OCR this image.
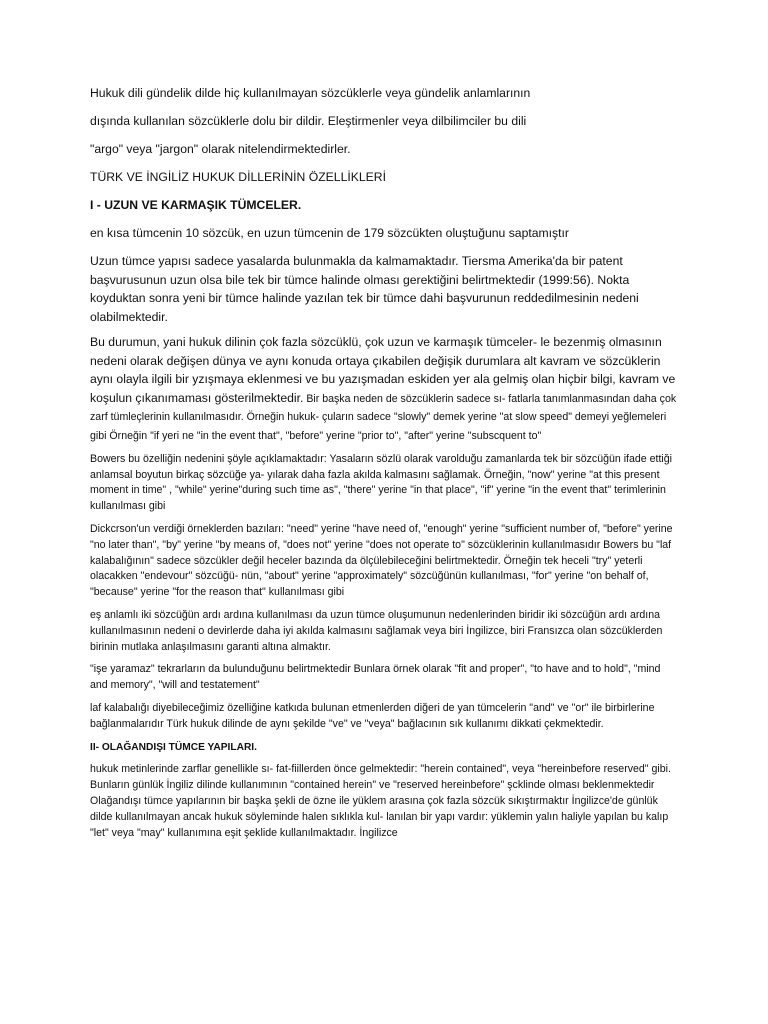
Hukuk dili gündelik dilde hiç kullanılmayan sözcüklerle veya gündelik anlamlarının

dışında kullanılan sözcüklerle dolu bir dildir. Eleştirmenler veya dilbilimciler bu dili

"argo" veya "jargon" olarak nitelendirmektedirler.

TÜRK VE İNGİLİZ HUKUK DİLLERİNİN ÖZELLİKLERİ

I - UZUN VE KARMAŞIK TÜMCELER.

en kısa tümcenin 10 sözcük, en uzun tümcenin de 179 sözcükten oluştuğunu saptamıştır

Uzun tümce yapısı sadece yasalarda bulunmakla da kalmamaktadır. Tiersma Amerika'da bir patent başvurusunun uzun olsa bile tek bir tümce halinde olması gerektiğini belirtmektedir (1999:56). Nokta koyduktan sonra yeni bir tümce halinde yazılan tek bir tümce dahi başvurunun reddedilmesinin nedeni olabilmektedir.

Bu durumun, yani hukuk dilinin çok fazla sözcüklü, çok uzun ve karmaşık tümceler- le bezenmiş olmasının nedeni olarak değişen dünya ve aynı konuda ortaya çıkabilen değişik durumlara alt kavram ve sözcüklerin aynı olayla ilgili bir yzışmaya eklenmesi ve bu yazışmadan eskiden yer ala gelmiş olan hiçbir bilgi, kavram ve koşulun çıkanımaması gösterilmektedir. Bir başka neden de sözcüklerin sadece sı- fatlarla tanımlanmasından daha çok zarf tümleçlerinin kullanılmasıdır. Örneğin hukuk- çuların sadece "slowly" demek yerine "at slow speed" demeyi yeğlemeleri gibi Örneğin "if yeri ne "in the event that", "before" yerine "prior to", "after" yerine "subscquent to"

Bowers bu özelliğin nedenini şöyle açıklamaktadır: Yasaların sözlü olarak varolduğu zamanlarda tek bir sözcüğün ifade ettiği anlamsal boyutun birkaç sözcüğe ya- yılarak daha fazla akılda kalmasını sağlamak. Örneğin, "now" yerine "at this present moment in time" , "while" yerine"during such time as", "there" yerine "in that place", "if" yerine "in the event that" terimlerinin kullanılması gibi

Dickcrson'un verdiği örneklerden bazıları: "need" yerine "have need of, "enough" yerine "sufficient number of, "before" yerine "no later than", "by" yerine "by means of, "does not" yerine "does not operate to" sözcüklerinin kullanılmasıdır Bowers bu "laf kalabalığının" sadece sözcükler değil heceler bazında da ölçülebileceğini belirtmektedir. Örneğin tek heceli "try" yeterli olacakken "endevour" sözcüğü- nün, "about" yerine "approximately" sözcüğünün kullanılması, "for" yerine "on behalf of, "because" yerine "for the reason that" kullanılması gibi

eş anlamlı iki sözcüğün ardı ardına kullanılması da uzun tümce oluşumunun nedenlerinden biridir iki sözcüğün ardı ardına kullanılmasının nedeni o devirlerde daha iyi akılda kalmasını sağlamak veya biri İngilizce, biri Fransızca olan sözcüklerden birinin mutlaka anlaşılmasını garanti altına almaktır.

"işe yaramaz" tekrarların da bulunduğunu belirtmektedir Bunlara örnek olarak "fit and proper", "to have and to hold", "mind and memory", "will and testatement"

laf kalabalığı diyebileceğimiz özelliğine katkıda bulunan etmenlerden diğeri de yan tümcelerin "and" ve "or" ile birbirlerine bağlanmalarıdır Türk hukuk dilinde de aynı şekilde "ve" ve "veya" bağlacının sık kullanımı dikkati çekmektedir.

II- OLAĞANDIŞI TÜMCE YAPILARI.

hukuk metinlerinde zarflar genellikle sı- fat-fiillerden önce gelmektedir: "herein contained", veya "hereinbefore reserved" gibi. Bunların günlük İngiliz dilinde kullanımının "contained herein" ve "reserved hereinbefore" şcklinde olması beklenmektedir

Olağandışı tümce yapılarının bir başka şekli de özne ile yüklem arasına çok fazla sözcük sıkıştırmaktır İngilizce'de günlük dilde kullanılmayan ancak hukuk söyleminde halen sıklıkla kul- lanılan bir yapı vardır: yüklemin yalın haliyle yapılan bu kalıp "let" veya "may" kullanımına eşit şeklide kullanılmaktadır. İngilizce
